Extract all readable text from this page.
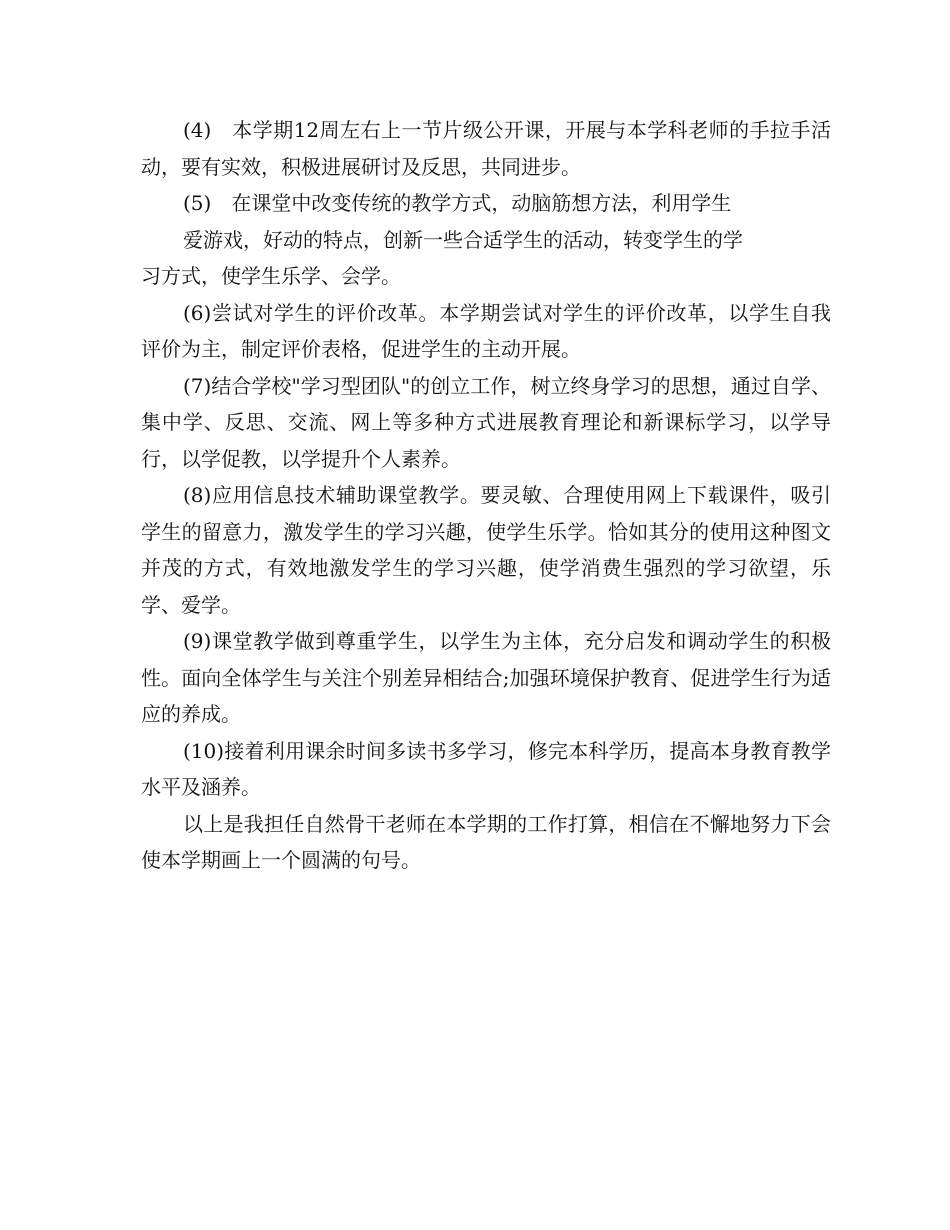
(4)　本学期12周左右上一节片级公开课，开展与本学科老师的手拉手活动，要有实效，积极进展研讨及反思，共同进步。

(5)　在课堂中改变传统的教学方式，动脑筋想方法，利用学生
爱游戏，好动的特点，创新一些合适学生的活动，转变学生的学
习方式，使学生乐学、会学。

(6)尝试对学生的评价改革。本学期尝试对学生的评价改革，以学生自我评价为主，制定评价表格，促进学生的主动开展。

(7)结合学校"学习型团队"的创立工作，树立终身学习的思想，通过自学、集中学、反思、交流、网上等多种方式进展教育理论和新课标学习，以学导行，以学促教，以学提升个人素养。

(8)应用信息技术辅助课堂教学。要灵敏、合理使用网上下载课件，吸引学生的留意力，激发学生的学习兴趣，使学生乐学。恰如其分的使用这种图文并茂的方式，有效地激发学生的学习兴趣，使学消费生强烈的学习欲望，乐学、爱学。

(9)课堂教学做到尊重学生，以学生为主体，充分启发和调动学生的积极性。面向全体学生与关注个别差异相结合;加强环境保护教育、促进学生行为适应的养成。

(10)接着利用课余时间多读书多学习，修完本科学历，提高本身教育教学水平及涵养。

以上是我担任自然骨干老师在本学期的工作打算，相信在不懈地努力下会使本学期画上一个圆满的句号。
